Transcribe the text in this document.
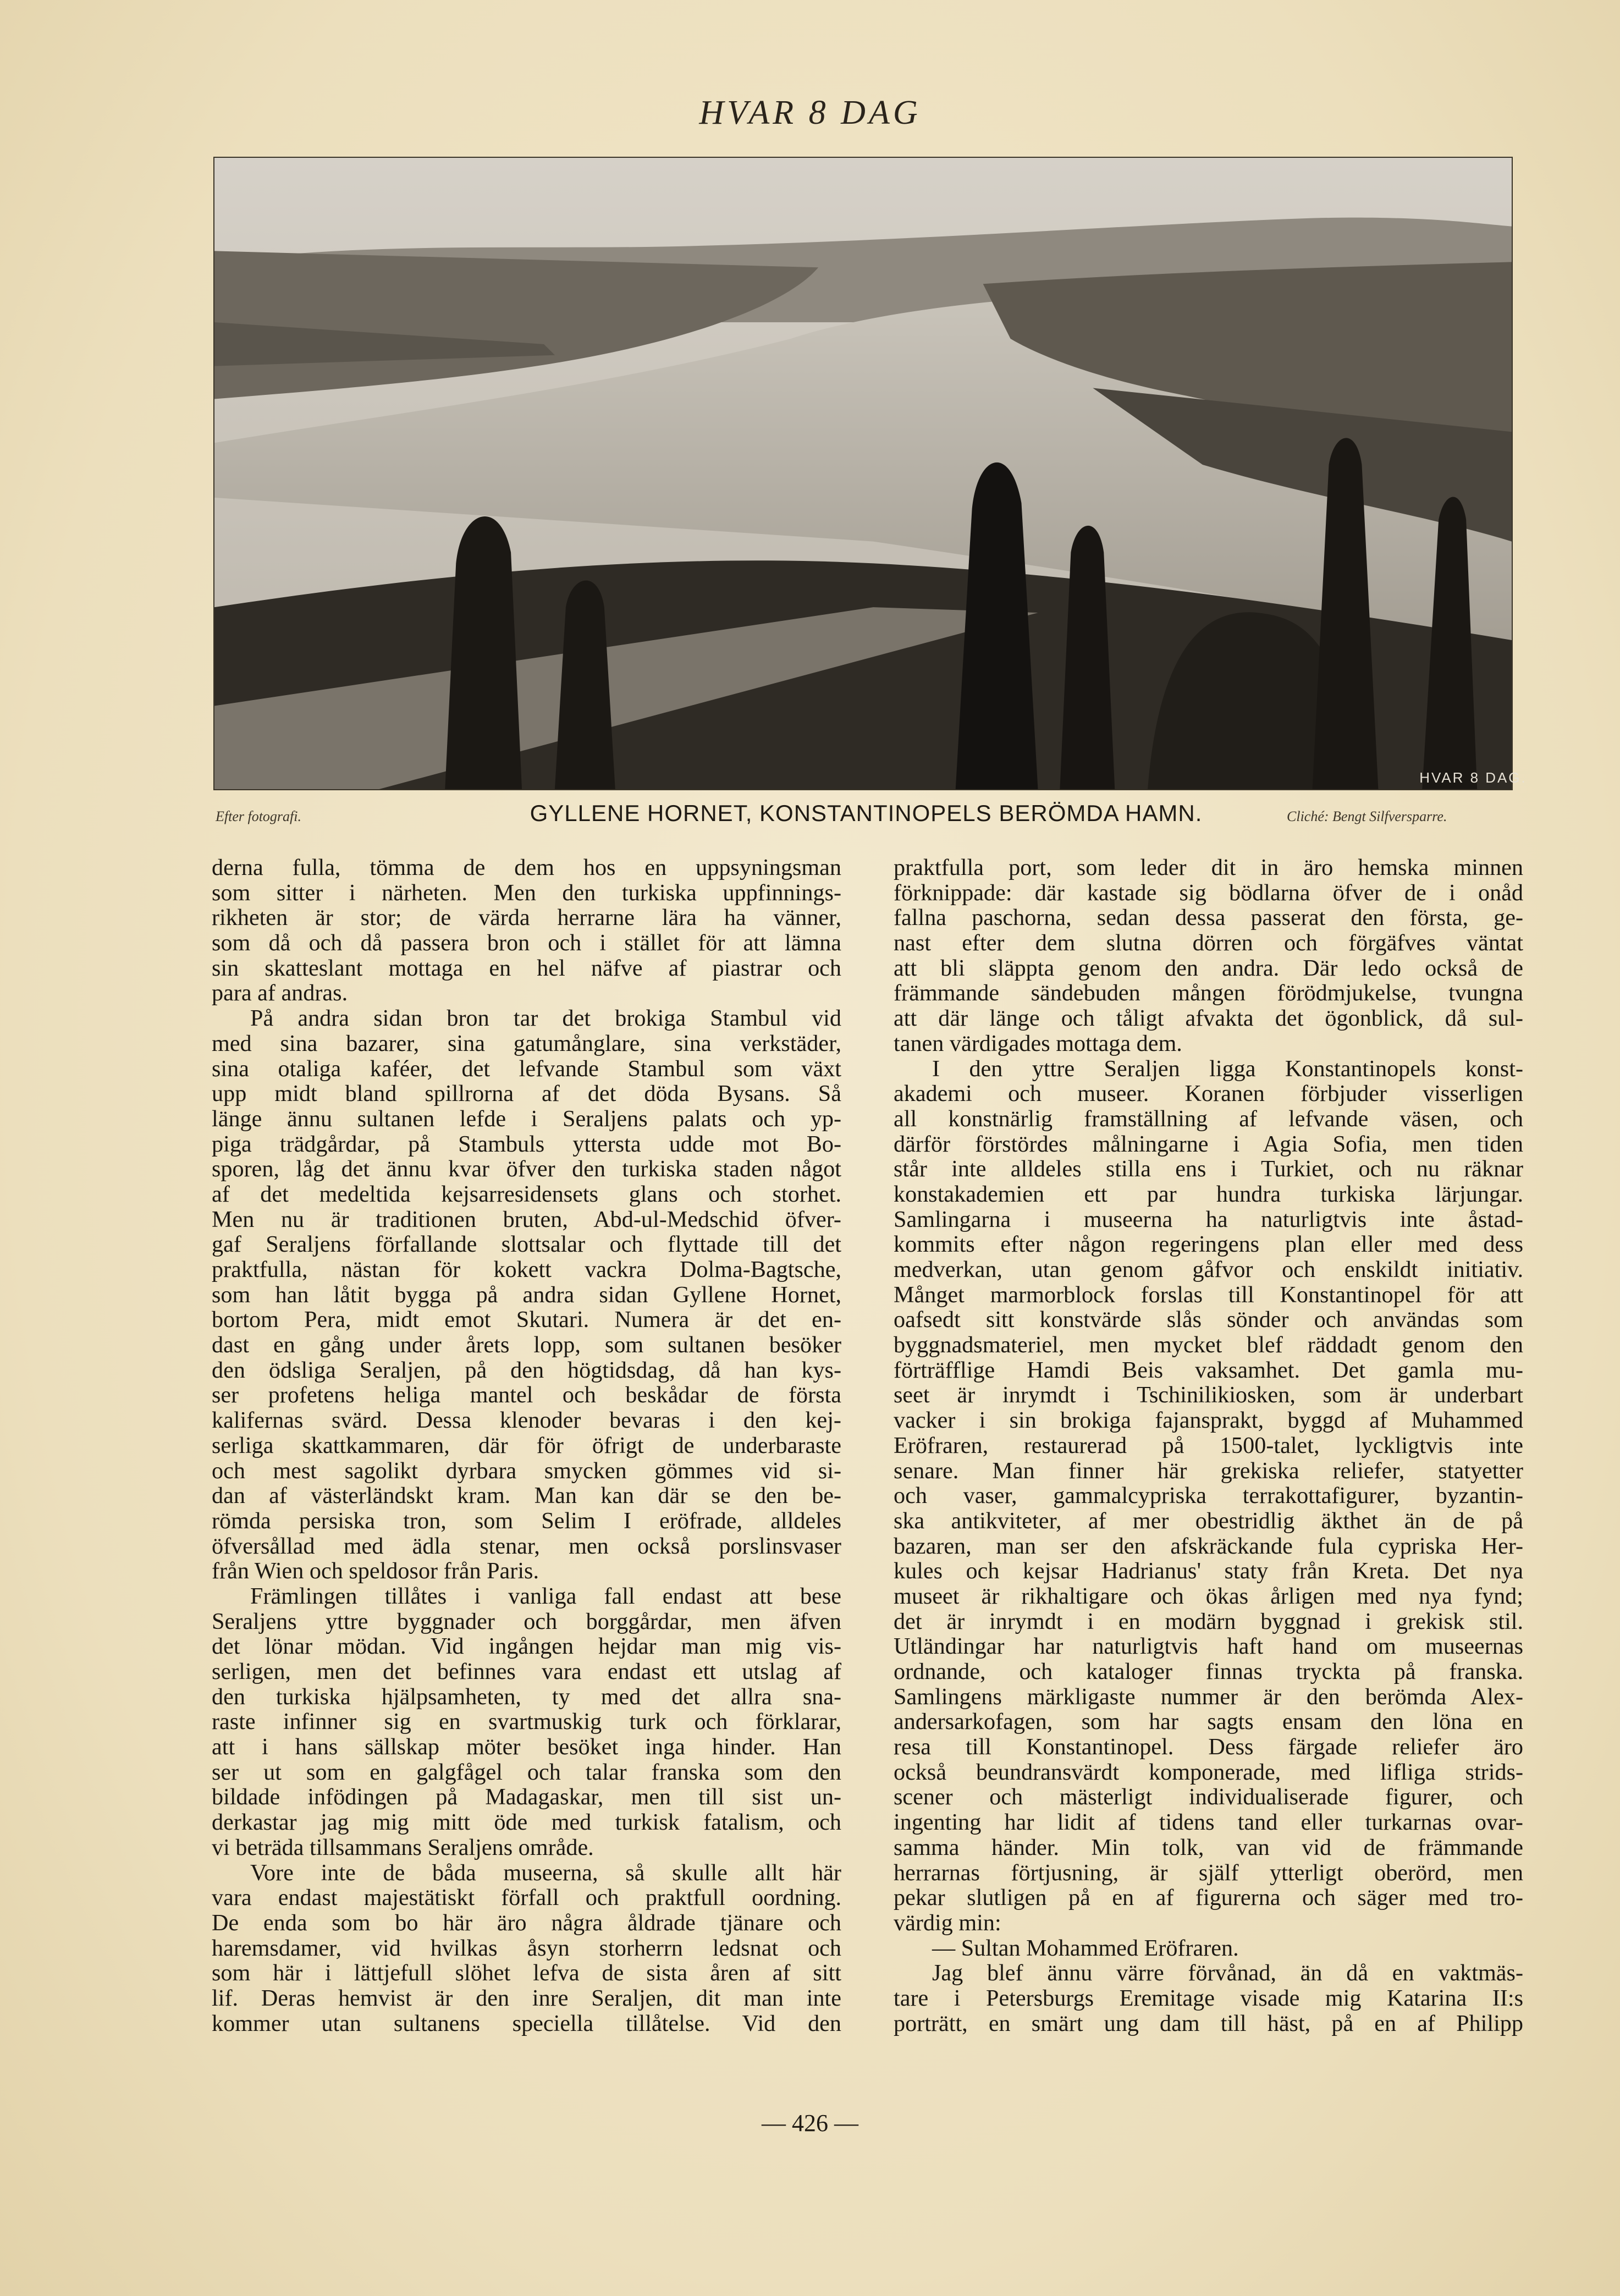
HVAR 8 DAG
HVAR 8 DAG.
Efter fotografi.	GYLLENE HORNET, KONSTANTINOPELS BERÖMDA HAMN.	Cliché: Bengt Silfversparre.

derna fulla, tömma de dem hos en uppsyningsman

som sitter i närheten. Men den turkiska uppfinnings-

rikheten är stor; de värda herrarne lära ha vänner,

som då och då passera bron och i stället för att lämna

sin skatteslant mottaga en hel näfve af piastrar och

para af andras.

På andra sidan bron tar det brokiga Stambul vid

med sina bazarer, sina gatumånglare, sina verkstäder,

sina otaliga kaféer, det lefvande Stambul som växt

upp midt bland spillrorna af det döda Bysans. Så

länge ännu sultanen lefde i Seraljens palats och yp-

piga trädgårdar, på Stambuls yttersta udde mot Bo-

sporen, låg det ännu kvar öfver den turkiska staden något

af det medeltida kejsarresidensets glans och storhet.

Men nu är traditionen bruten, Abd-ul-Medschid öfver-

gaf Seraljens förfallande slottsalar och flyttade till det

praktfulla, nästan för kokett vackra Dolma-Bagtsche,

som han låtit bygga på andra sidan Gyllene Hornet,

bortom Pera, midt emot Skutari. Numera är det en-

dast en gång under årets lopp, som sultanen besöker

den ödsliga Seraljen, på den högtidsdag, då han kys-

ser profetens heliga mantel och beskådar de första

kalifernas svärd. Dessa klenoder bevaras i den kej-

serliga skattkammaren, där för öfrigt de underbaraste

och mest sagolikt dyrbara smycken gömmes vid si-

dan af västerländskt kram. Man kan där se den be-

römda persiska tron, som Selim I eröfrade, alldeles

öfversållad med ädla stenar, men också porslinsvaser

från Wien och speldosor från Paris.

Främlingen tillåtes i vanliga fall endast att bese

Seraljens yttre byggnader och borggårdar, men äfven

det lönar mödan. Vid ingången hejdar man mig vis-

serligen, men det befinnes vara endast ett utslag af

den turkiska hjälpsamheten, ty med det allra sna-

raste infinner sig en svartmuskig turk och förklarar,

att i hans sällskap möter besöket inga hinder. Han

ser ut som en galgfågel och talar franska som den

bildade infödingen på Madagaskar, men till sist un-

derkastar jag mig mitt öde med turkisk fatalism, och

vi beträda tillsammans Seraljens område.

Vore inte de båda museerna, så skulle allt här

vara endast majestätiskt förfall och praktfull oordning.

De enda som bo här äro några åldrade tjänare och

haremsdamer, vid hvilkas åsyn storherrn ledsnat och

som här i lättjefull slöhet lefva de sista åren af sitt

lif. Deras hemvist är den inre Seraljen, dit man inte

kommer utan sultanens speciella tillåtelse. Vid den

praktfulla port, som leder dit in äro hemska minnen

förknippade: där kastade sig bödlarna öfver de i onåd

fallna paschorna, sedan dessa passerat den första, ge-

nast efter dem slutna dörren och förgäfves väntat

att bli släppta genom den andra. Där ledo också de

främmande sändebuden mången förödmjukelse, tvungna

att där länge och tåligt afvakta det ögonblick, då sul-

tanen värdigades mottaga dem.

I den yttre Seraljen ligga Konstantinopels konst-

akademi och museer. Koranen förbjuder visserligen

all konstnärlig framställning af lefvande väsen, och

därför förstördes målningarne i Agia Sofia, men tiden

står inte alldeles stilla ens i Turkiet, och nu räknar

konstakademien ett par hundra turkiska lärjungar.

Samlingarna i museerna ha naturligtvis inte åstad-

kommits efter någon regeringens plan eller med dess

medverkan, utan genom gåfvor och enskildt initiativ.

Månget marmorblock forslas till Konstantinopel för att

oafsedt sitt konstvärde slås sönder och användas som

byggnadsmateriel, men mycket blef räddadt genom den

förträfflige Hamdi Beis vaksamhet. Det gamla mu-

seet är inrymdt i Tschinilikiosken, som är underbart

vacker i sin brokiga fajansprakt, byggd af Muhammed

Eröfraren, restaurerad på 1500-talet, lyckligtvis inte

senare. Man finner här grekiska reliefer, statyetter

och vaser, gammalcypriska terrakottafigurer, byzantin-

ska antikviteter, af mer obestridlig äkthet än de på

bazaren, man ser den afskräckande fula cypriska Her-

kules och kejsar Hadrianus' staty från Kreta. Det nya

museet är rikhaltigare och ökas årligen med nya fynd;

det är inrymdt i en modärn byggnad i grekisk stil.

Utländingar har naturligtvis haft hand om museernas

ordnande, och kataloger finnas tryckta på franska.

Samlingens märkligaste nummer är den berömda Alex-

andersarkofagen, som har sagts ensam den löna en

resa till Konstantinopel. Dess färgade reliefer äro

också beundransvärdt komponerade, med lifliga strids-

scener och mästerligt individualiserade figurer, och

ingenting har lidit af tidens tand eller turkarnas ovar-

samma händer. Min tolk, van vid de främmande

herrarnas förtjusning, är själf ytterligt oberörd, men

pekar slutligen på en af figurerna och säger med tro-

värdig min:

— Sultan Mohammed Eröfraren.

Jag blef ännu värre förvånad, än då en vaktmäs-

tare i Petersburgs Eremitage visade mig Katarina II:s

porträtt, en smärt ung dam till häst, på en af Philipp

— 426 —
